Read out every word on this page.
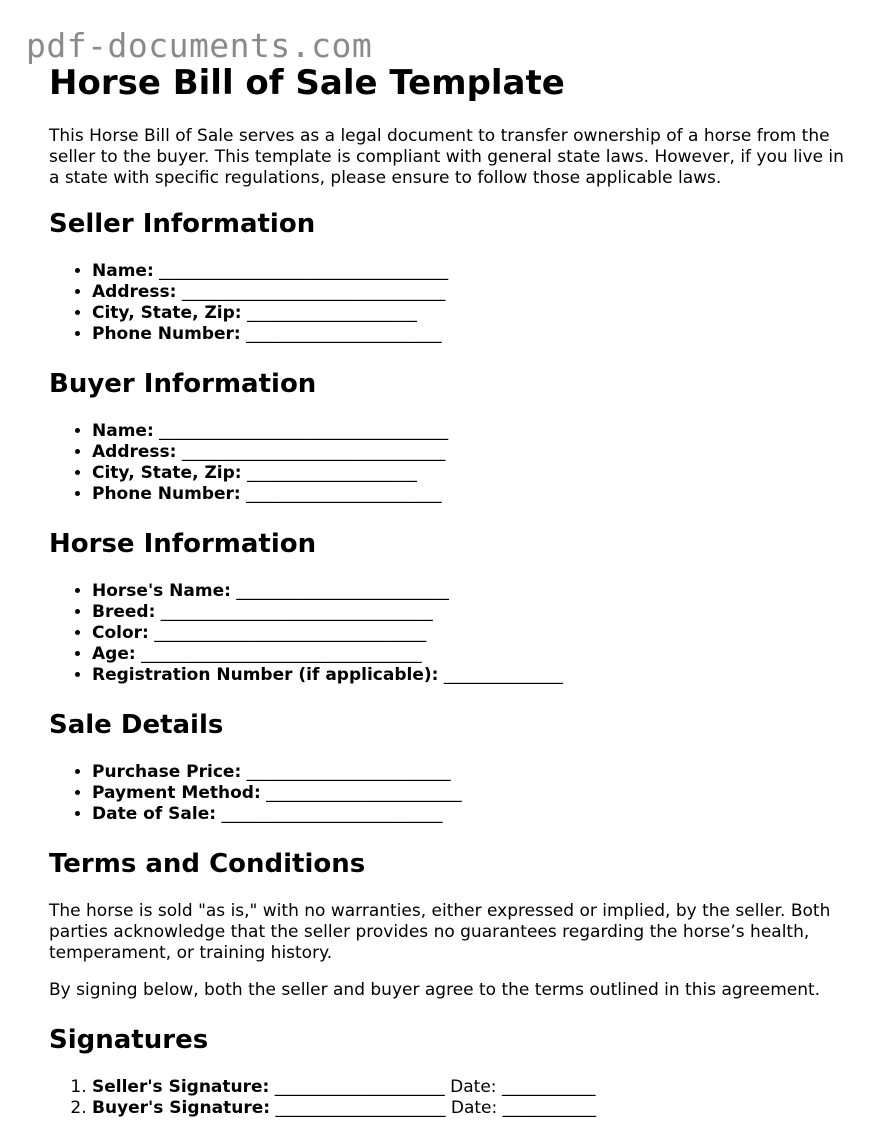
pdf-documents.com
Horse Bill of Sale Template

This Horse Bill of Sale serves as a legal document to transfer ownership of a horse from the seller to the buyer. This template is compliant with general state laws. However, if you live in a state with specific regulations, please ensure to follow those applicable laws.

Seller Information
• Name: __________________________________
• Address: _______________________________
• City, State, Zip: ____________________
• Phone Number: _______________________
Buyer Information
• Name: __________________________________
• Address: _______________________________
• City, State, Zip: ____________________
• Phone Number: _______________________
Horse Information
• Horse's Name: _________________________
• Breed: ________________________________
• Color: ________________________________
• Age: _________________________________
• Registration Number (if applicable): ______________
Sale Details
• Purchase Price: ________________________
• Payment Method: _______________________
• Date of Sale: __________________________
Terms and Conditions

The horse is sold "as is," with no warranties, either expressed or implied, by the seller. Both parties acknowledge that the seller provides no guarantees regarding the horse’s health, temperament, or training history.

By signing below, both the seller and buyer agree to the terms outlined in this agreement.

Signatures
1. Seller's Signature: ____________________ Date: ___________
2. Buyer's Signature: ____________________ Date: ___________
